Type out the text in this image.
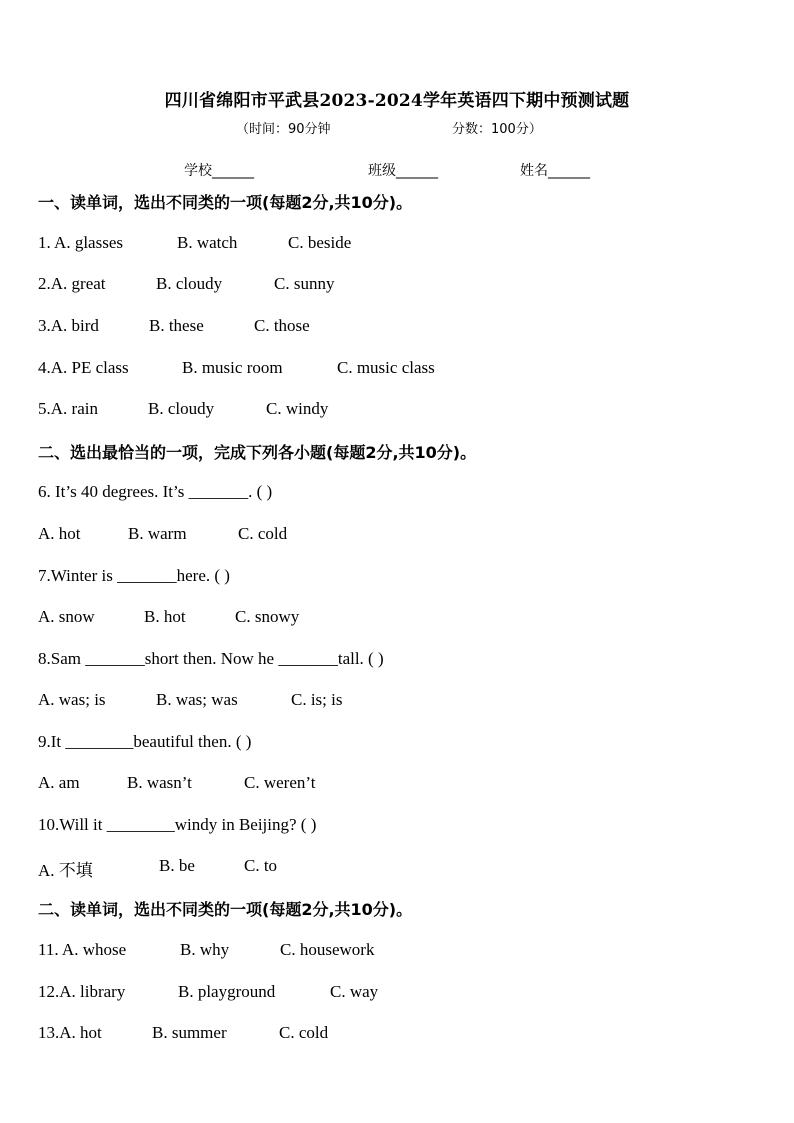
四川省绵阳市平武县2023-2024学年英语四下期中预测试题
（时间：90分钟	分数：100分）
学校______	班级______	姓名______
一、读单词，选出不同类的一项(每题2分,共10分)。
1. A. glasses	B. watch	C. beside
2.A. great	B. cloudy	C. sunny
3.A. bird	B. these	C. those
4.A. PE class	B. music room	C. music class
5.A. rain	B. cloudy	C. windy
二、选出最恰当的一项，完成下列各小题(每题2分,共10分)。
6. It’s 40 degrees. It’s _______. ( )
A. hot	B. warm	C. cold
7.Winter is _______here. ( )
A. snow	B. hot	C. snowy
8.Sam _______short then. Now he _______tall. ( )
A. was; is	B. was; was	C. is; is
9.It ________beautiful then. ( )
A. am	B. wasn’t	C. weren’t
10.Will it ________windy in Beijing? ( )
A. 不填	B. be	C. to
二、读单词，选出不同类的一项(每题2分,共10分)。
11. A. whose	B. why	C. housework
12.A. library	B. playground	C. way
13.A. hot	B. summer	C. cold
